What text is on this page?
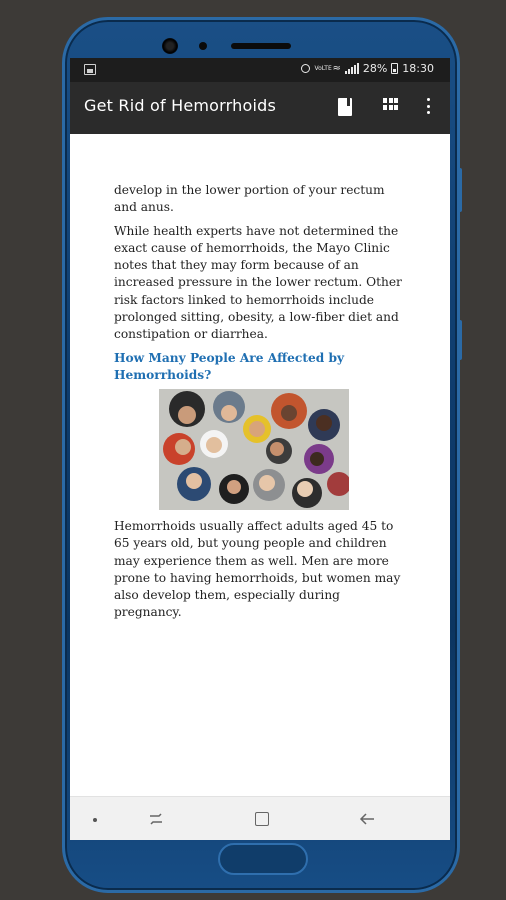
VoLTE ≈ 28% 18:30
Get Rid of Hemorrhoids

develop in the lower portion of your rectum and anus.

While health experts have not determined the exact cause of hemorrhoids, the Mayo Clinic notes that they may form because of an increased pressure in the lower rectum. Other risk factors linked to hemorrhoids include prolonged sitting, obesity, a low-fiber diet and constipation or diarrhea.

How Many People Are Affected by Hemorrhoids?

Hemorrhoids usually affect adults aged 45 to 65 years old, but young people and children may experience them as well. Men are more prone to having hemorrhoids, but women may also develop them, especially during pregnancy.
